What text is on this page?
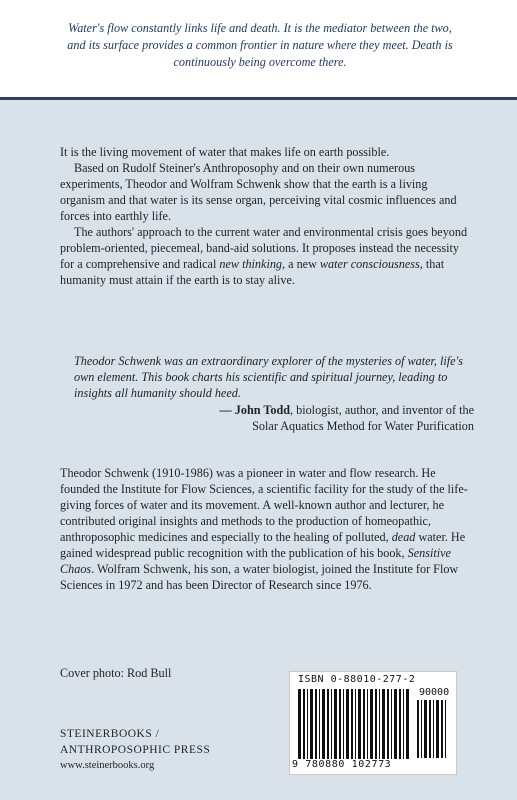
Water's flow constantly links life and death. It is the mediator between the two, and its surface provides a common frontier in nature where they meet. Death is continuously being overcome there.

It is the living movement of water that makes life on earth possible.

Based on Rudolf Steiner's Anthroposophy and on their own numerous experiments, Theodor and Wolfram Schwenk show that the earth is a living organism and that water is its sense organ, perceiving vital cosmic influences and forces into earthly life.

The authors' approach to the current water and environmental crisis goes beyond problem-oriented, piecemeal, band-aid solutions. It proposes instead the necessity for a comprehensive and radical new thinking, a new water consciousness, that humanity must attain if the earth is to stay alive.

Theodor Schwenk was an extraordinary explorer of the mysteries of water, life's own element. This book charts his scientific and spiritual journey, leading to insights all humanity should heed.
— John Todd, biologist, author, and inventor of the
Solar Aquatics Method for Water Purification

Theodor Schwenk (1910-1986) was a pioneer in water and flow research. He founded the Institute for Flow Sciences, a scientific facility for the study of the life-giving forces of water and its movement. A well-known author and lecturer, he contributed original insights and methods to the production of homeopathic, anthroposophic medicines and especially to the healing of polluted, dead water. He gained widespread public recognition with the publication of his book, Sensitive Chaos. Wolfram Schwenk, his son, a water biologist, joined the Institute for Flow Sciences in 1972 and has been Director of Research since 1976.

Cover photo: Rod Bull
STEINERBOOKS /
ANTHROPOSOPHIC PRESS
www.steinerbooks.org
ISBN 0-88010-277-2
90000
9 780880 102773
